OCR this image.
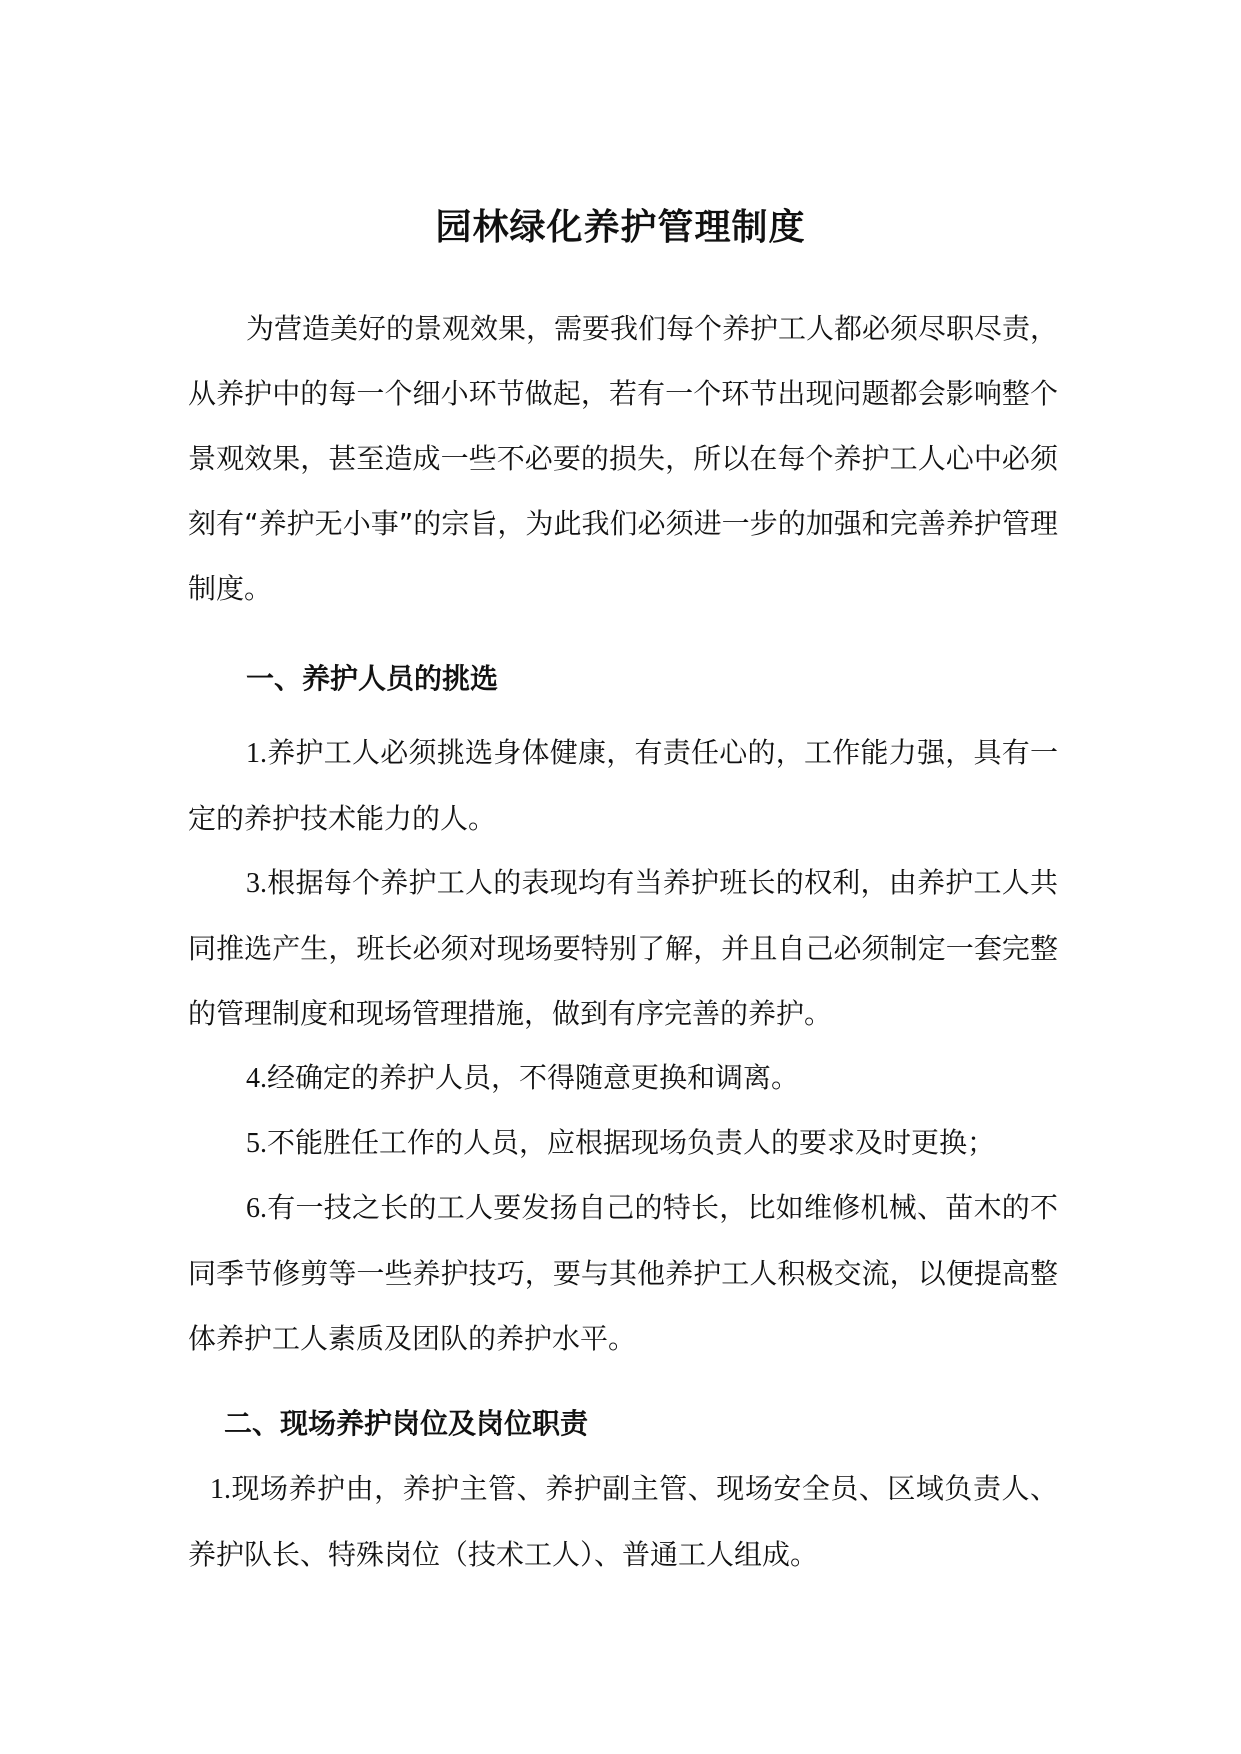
园林绿化养护管理制度
为营造美好的景观效果，需要我们每个养护工人都必须尽职尽责，从养护中的每一个细小环节做起，若有一个环节出现问题都会影响整个景观效果，甚至造成一些不必要的损失，所以在每个养护工人心中必须刻有“养护无小事”的宗旨，为此我们必须进一步的加强和完善养护管理制度。
一、养护人员的挑选
1.养护工人必须挑选身体健康，有责任心的，工作能力强，具有一定的养护技术能力的人。
3.根据每个养护工人的表现均有当养护班长的权利，由养护工人共同推选产生，班长必须对现场要特别了解，并且自己必须制定一套完整的管理制度和现场管理措施，做到有序完善的养护。
4.经确定的养护人员，不得随意更换和调离。
5.不能胜任工作的人员，应根据现场负责人的要求及时更换；
6.有一技之长的工人要发扬自己的特长，比如维修机械、苗木的不同季节修剪等一些养护技巧，要与其他养护工人积极交流，以便提高整体养护工人素质及团队的养护水平。
二、现场养护岗位及岗位职责
1.现场养护由，养护主管、养护副主管、现场安全员、区域负责人、养护队长、特殊岗位（技术工人）、普通工人组成。
